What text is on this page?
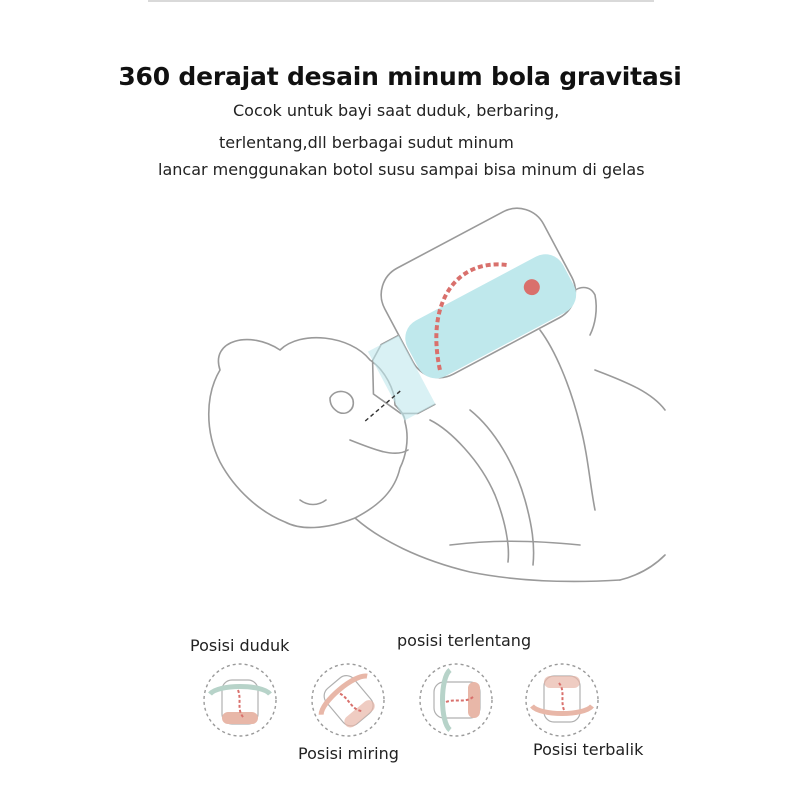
360 derajat desain minum bola gravitasi
Cocok untuk bayi saat duduk, berbaring,
terlentang,dll berbagai sudut minum
lancar menggunakan botol susu sampai bisa minum di gelas
Posisi duduk	posisi terlentang
Posisi miring	Posisi terbalik
